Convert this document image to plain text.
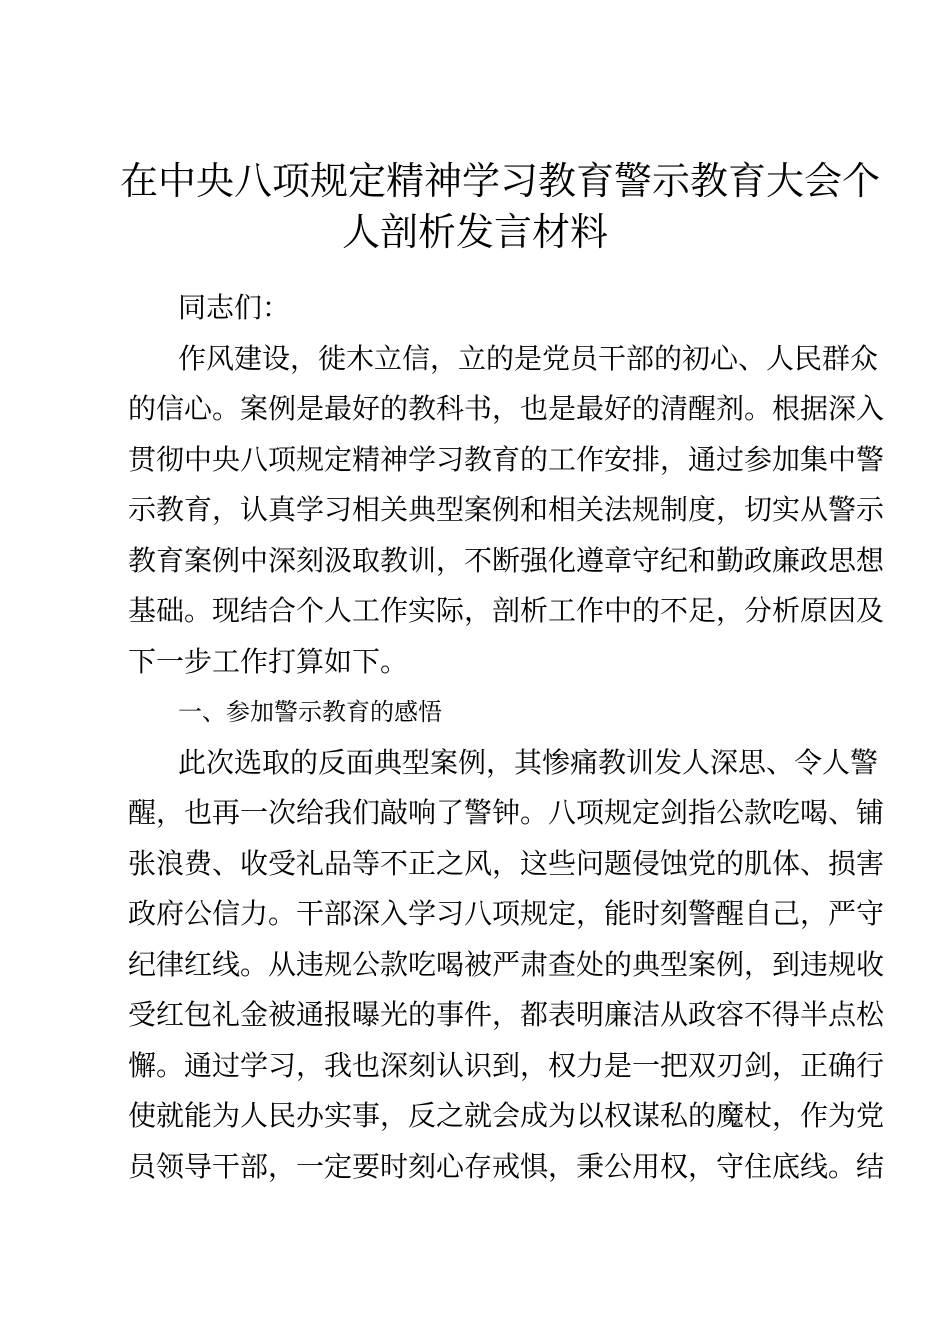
在中央八项规定精神学习教育警示教育大会个
人剖析发言材料
同志们：
作风建设，徙木立信，立的是党员干部的初心、人民群众
的信心。案例是最好的教科书，也是最好的清醒剂。根据深入
贯彻中央八项规定精神学习教育的工作安排，通过参加集中警
示教育，认真学习相关典型案例和相关法规制度，切实从警示
教育案例中深刻汲取教训，不断强化遵章守纪和勤政廉政思想
基础。现结合个人工作实际，剖析工作中的不足，分析原因及
下一步工作打算如下。
一、参加警示教育的感悟
此次选取的反面典型案例，其惨痛教训发人深思、令人警
醒，也再一次给我们敲响了警钟。八项规定剑指公款吃喝、铺
张浪费、收受礼品等不正之风，这些问题侵蚀党的肌体、损害
政府公信力。干部深入学习八项规定，能时刻警醒自己，严守
纪律红线。从违规公款吃喝被严肃查处的典型案例，到违规收
受红包礼金被通报曝光的事件，都表明廉洁从政容不得半点松
懈。通过学习，我也深刻认识到，权力是一把双刃剑，正确行
使就能为人民办实事，反之就会成为以权谋私的魔杖，作为党
员领导干部，一定要时刻心存戒惧，秉公用权，守住底线。结
